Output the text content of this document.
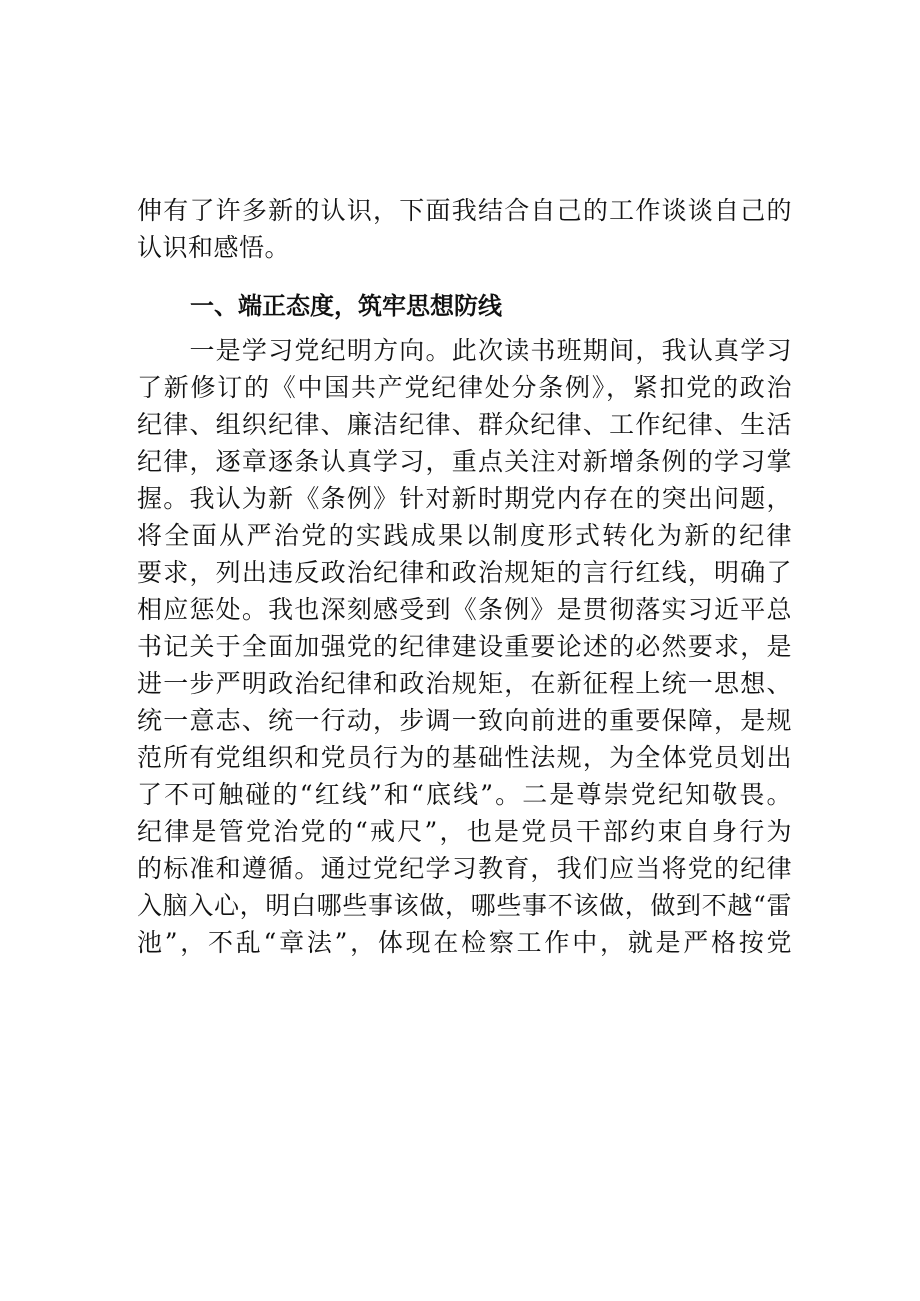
伸有了许多新的认识，下面我结合自己的工作谈谈自己的
认识和感悟。
一、端正态度，筑牢思想防线
　　一是学习党纪明方向。此次读书班期间，我认真学习
了新修订的《中国共产党纪律处分条例》，紧扣党的政治
纪律、组织纪律、廉洁纪律、群众纪律、工作纪律、生活
纪律，逐章逐条认真学习，重点关注对新增条例的学习掌
握。我认为新《条例》针对新时期党内存在的突出问题，
将全面从严治党的实践成果以制度形式转化为新的纪律
要求，列出违反政治纪律和政治规矩的言行红线，明确了
相应惩处。我也深刻感受到《条例》是贯彻落实习近平总
书记关于全面加强党的纪律建设重要论述的必然要求，是
进一步严明政治纪律和政治规矩，在新征程上统一思想、
统一意志、统一行动，步调一致向前进的重要保障，是规
范所有党组织和党员行为的基础性法规，为全体党员划出
了不可触碰的“红线”和“底线”。二是尊崇党纪知敬畏。
纪律是管党治党的“戒尺”，也是党员干部约束自身行为
的标准和遵循。通过党纪学习教育，我们应当将党的纪律
入脑入心，明白哪些事该做，哪些事不该做，做到不越“雷
池”，不乱“章法”，体现在检察工作中，就是严格按党
